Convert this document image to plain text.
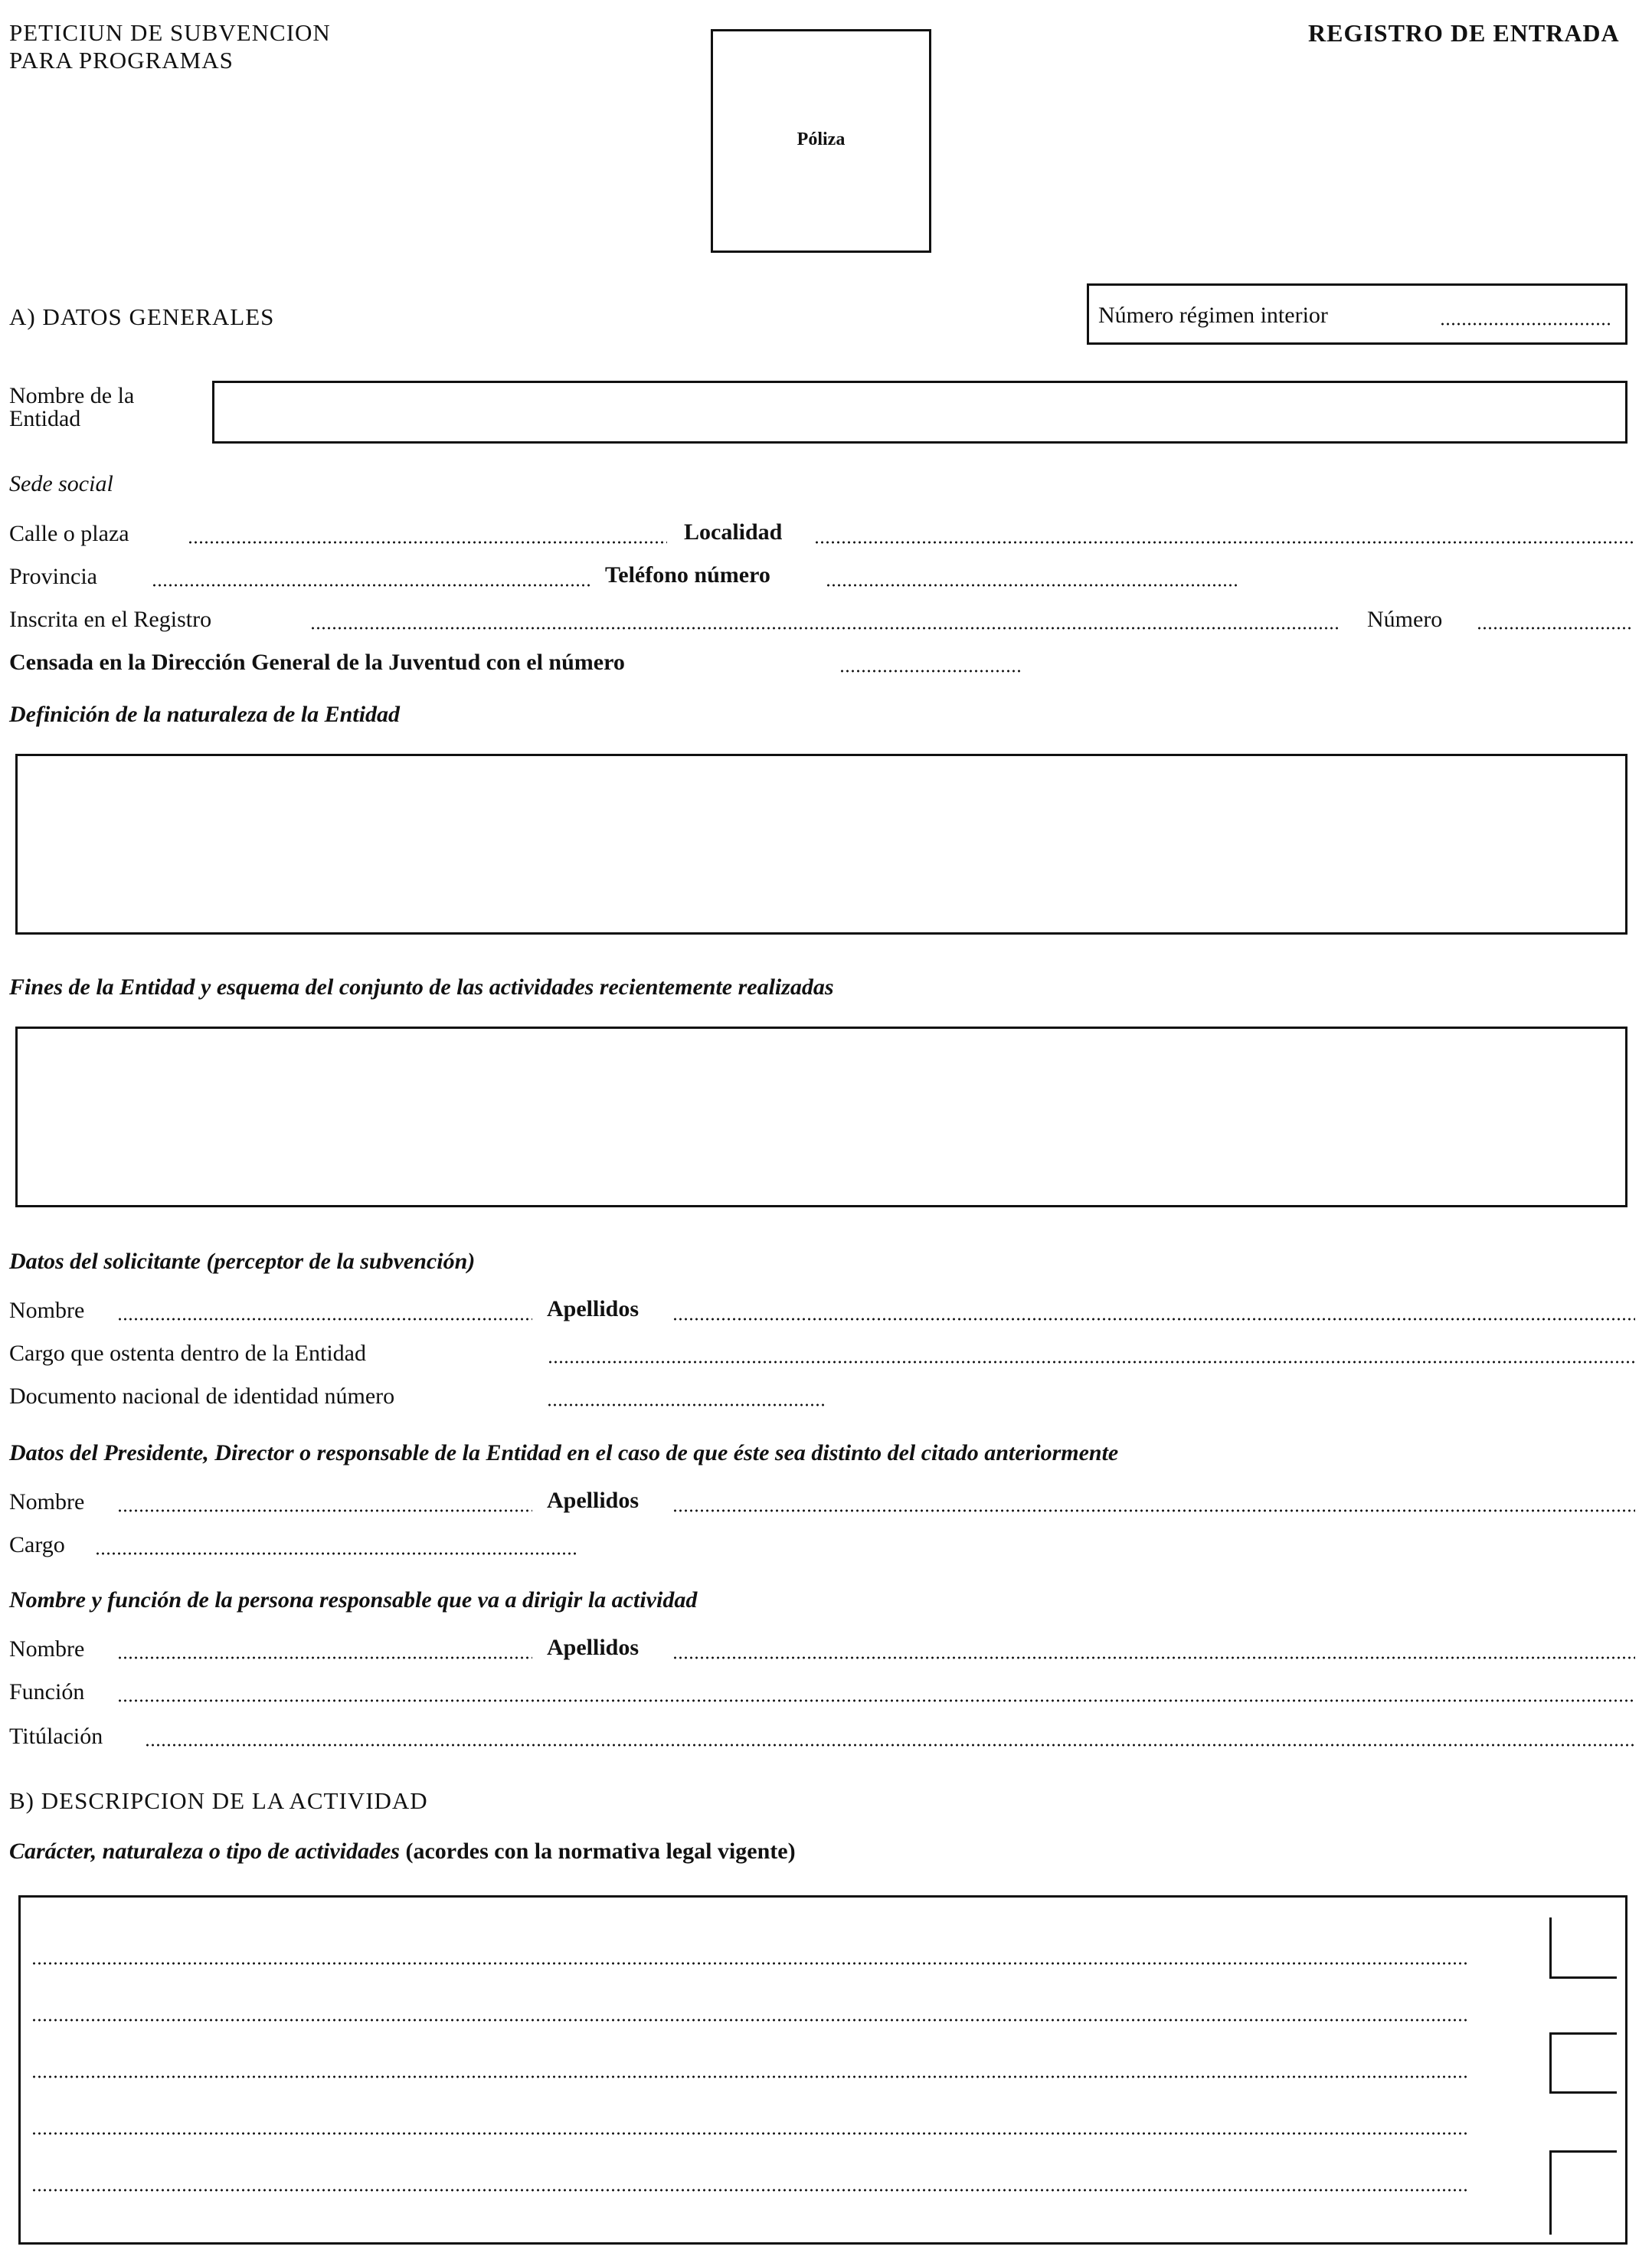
PETICIUN DE SUBVENCION
PARA PROGRAMAS
Póliza
REGISTRO DE ENTRADA
A) DATOS GENERALES	Número régimen interior
Nombre de la
Entidad
Sede social
Calle o plaza	Localidad
Provincia	Teléfono número
Inscrita en el Registro	Número
Censada en la Dirección General de la Juventud con el número
Definición de la naturaleza de la Entidad
Fines de la Entidad y esquema del conjunto de las actividades recientemente realizadas
Datos del solicitante (perceptor de la subvención)
Nombre	Apellidos
Cargo que ostenta dentro de la Entidad
Documento nacional de identidad número
Datos del Presidente, Director o responsable de la Entidad en el caso de que éste sea distinto del citado anteriormente
Nombre	Apellidos
Cargo
Nombre y función de la persona responsable que va a dirigir la actividad
Nombre	Apellidos
Función
Titúlación
B) DESCRIPCION DE LA ACTIVIDAD
Carácter, naturaleza o tipo de actividades (acordes con la normativa legal vigente)
